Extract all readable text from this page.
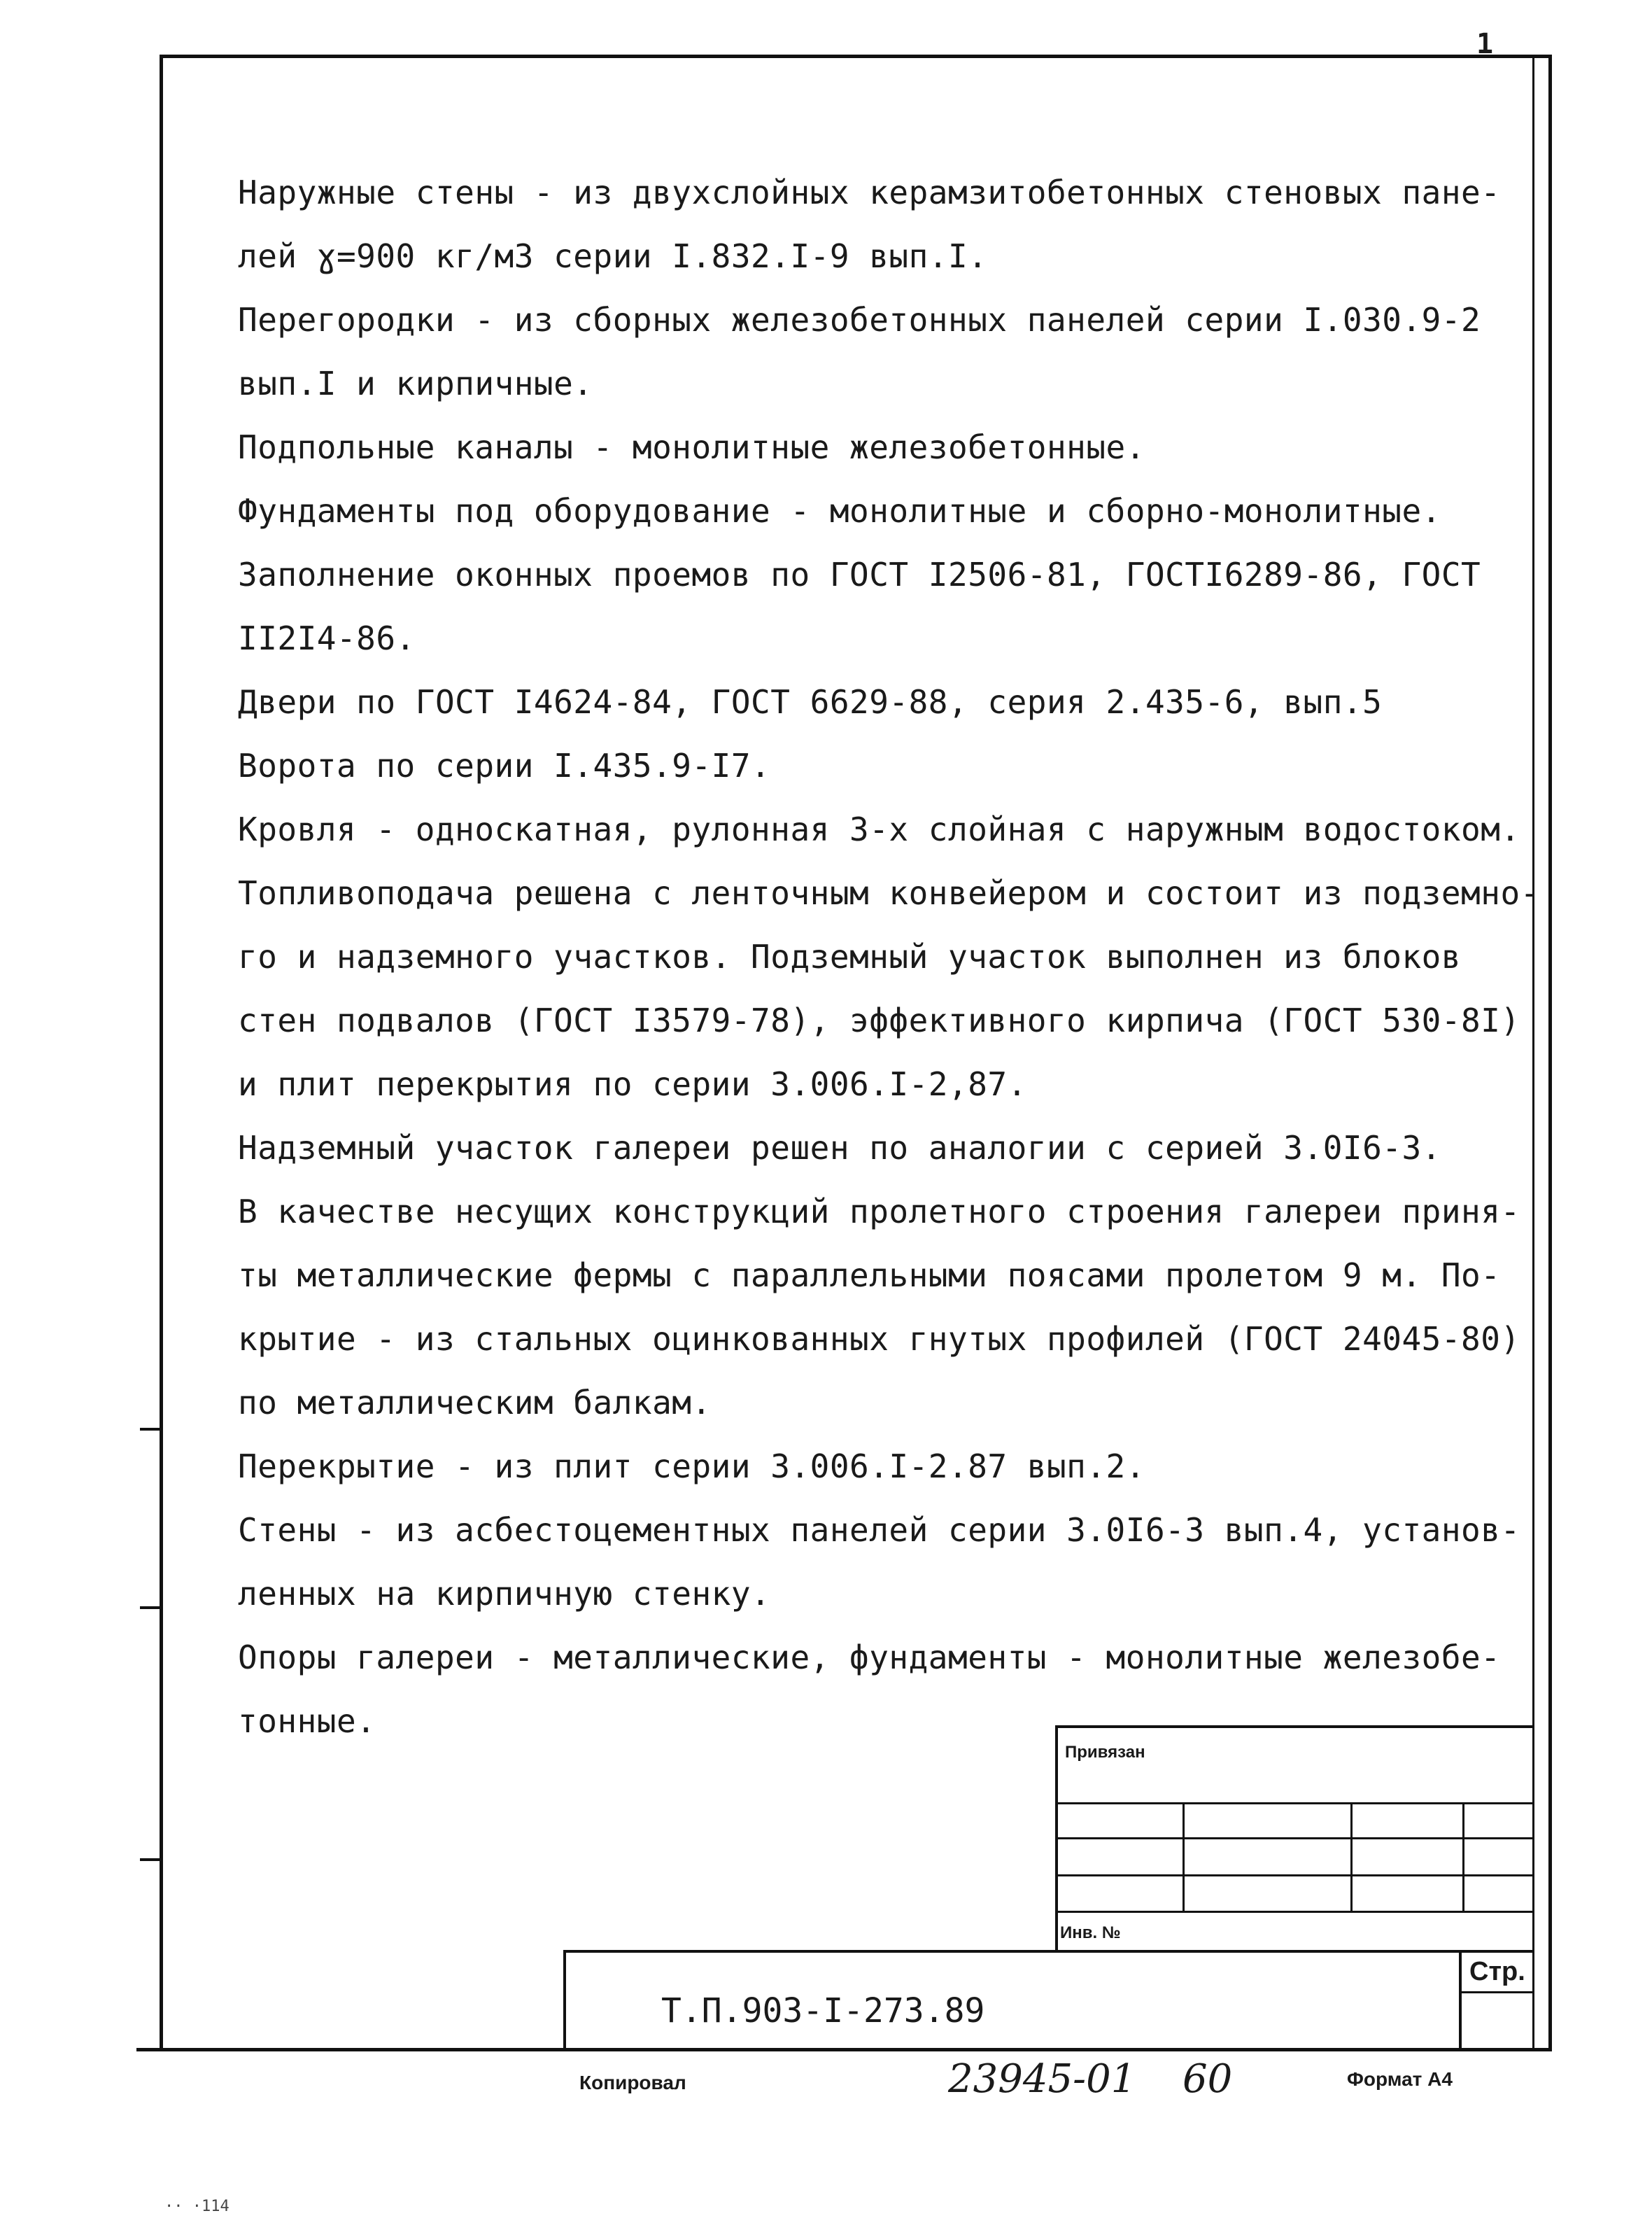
1

Наружные стены - из двухслойных керамзитобетонных стеновых пане-

лей ɣ=900 кг/м3 серии I.832.I-9 вып.I.

Перегородки - из сборных железобетонных панелей серии I.030.9-2

вып.I и кирпичные.

Подпольные каналы - монолитные железобетонные.

Фундаменты под оборудование - монолитные и сборно-монолитные.

Заполнение оконных проемов по ГОСТ I2506-81, ГОСТI6289-86, ГОСТ

II2I4-86.

Двери по ГОСТ I4624-84, ГОСТ 6629-88, серия 2.435-6, вып.5

Ворота по серии I.435.9-I7.

Кровля - односкатная, рулонная 3-х слойная с наружным водостоком.

Топливоподача решена с ленточным конвейером и состоит из подземно-

го и надземного участков. Подземный участок выполнен из блоков

стен подвалов (ГОСТ I3579-78), эффективного кирпича (ГОСТ 530-8I)

и плит перекрытия по серии 3.006.I-2,87.

Надземный участок галереи решен по аналогии с серией 3.0I6-3.

В качестве несущих конструкций пролетного строения галереи приня-

ты металлические фермы с параллельными поясами пролетом 9 м. По-

крытие - из стальных оцинкованных гнутых профилей (ГОСТ 24045-80)

по металлическим балкам.

Перекрытие - из плит серии 3.006.I-2.87 вып.2.

Стены - из асбестоцементных панелей серии 3.0I6-3 вып.4, установ-

ленных на кирпичную стенку.

Опоры галереи - металлические, фундаменты - монолитные железобе-

тонные.

Привязан
Инв. №
Стр.
Т.П.903-I-273.89
Копировал	23945-01 60	Формат А4
·· ·114
